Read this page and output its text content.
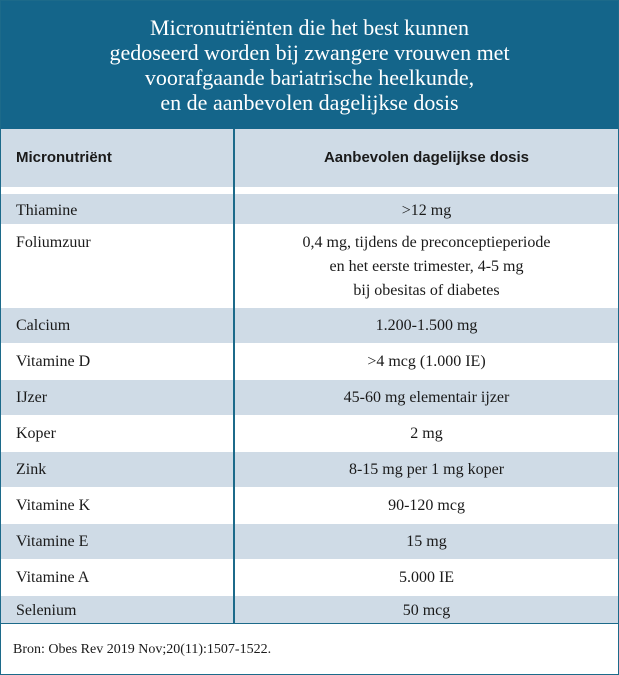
Micronutriënten die het best kunnen
gedoseerd worden bij zwangere vrouwen met
voorafgaande bariatrische heelkunde,
en de aanbevolen dagelijkse dosis
Micronutriënt	Aanbevolen dagelijkse dosis
Thiamine	>12 mg
Foliumzuur	0,4 mg, tijdens de preconceptieperiode
en het eerste trimester, 4-5 mg
bij obesitas of diabetes
Calcium	1.200-1.500 mg
Vitamine D	>4 mcg (1.000 IE)
IJzer	45-60 mg elementair ijzer
Koper	2 mg
Zink	8-15 mg per 1 mg koper
Vitamine K	90-120 mcg
Vitamine E	15 mg
Vitamine A	5.000 IE
Selenium	50 mcg
Bron: Obes Rev 2019 Nov;20(11):1507-1522.
